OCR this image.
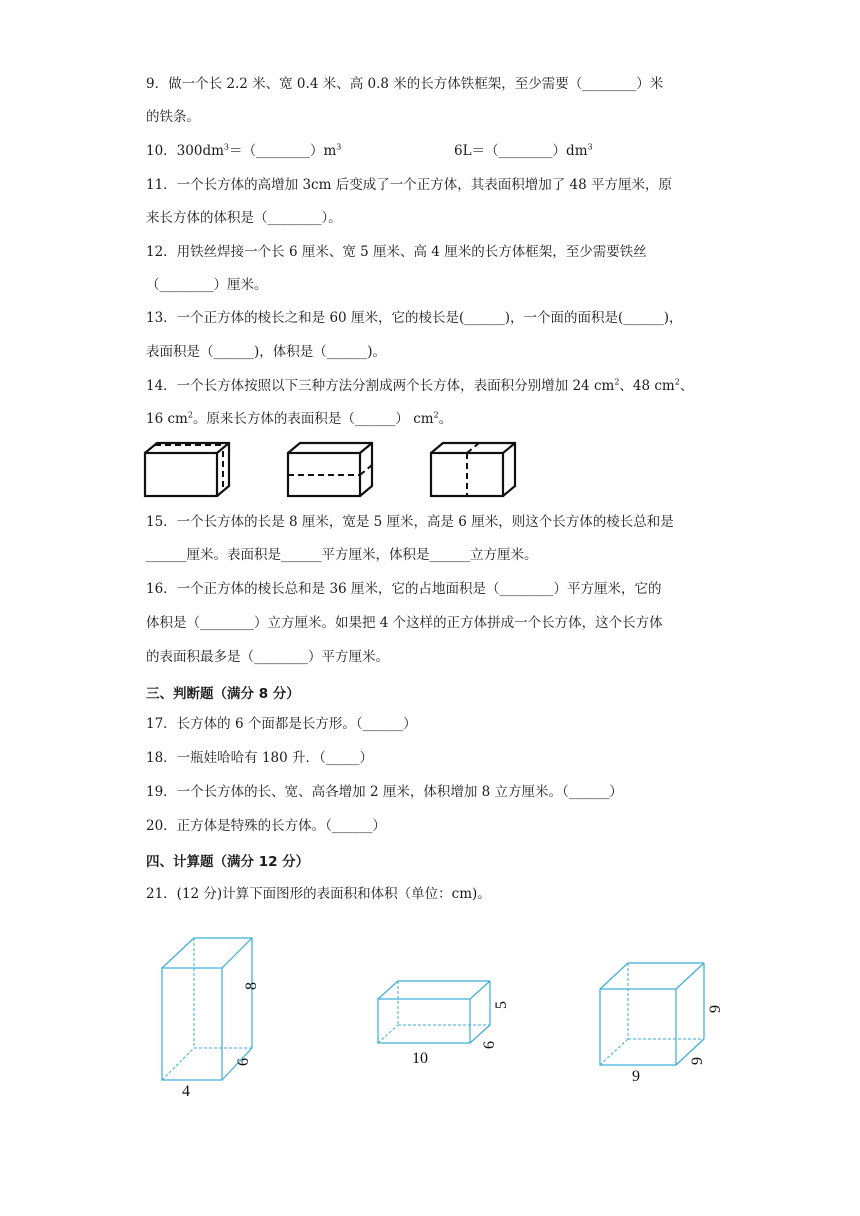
9．做一个长 2.2 米、宽 0.4 米、高 0.8 米的长方体铁框架，至少需要（________）米
的铁条。
10．$300dm^3=(\_\_\_\_\_\_\_\_)m^3$	$6L=(\_\_\_\_\_\_\_\_)dm^3$
11．一个长方体的高增加 3cm 后变成了一个正方体，其表面积增加了 48 平方厘米，原
来长方体的体积是（________）。
12．用铁丝焊接一个长 6 厘米、宽 5 厘米、高 4 厘米的长方体框架，至少需要铁丝
（________）厘米。
13．一个正方体的棱长之和是 60 厘米，它的棱长是(______)，一个面的面积是(______)，
表面积是（______)，体积是（______)。
14．一个长方体按照以下三种方法分割成两个长方体，表面积分别增加 24 $cm^2$、48 $cm^2$、
16 $cm^2$。原来长方体的表面积是（______） $cm^2$。
15．一个长方体的长是 8 厘米，宽是 5 厘米，高是 6 厘米，则这个长方体的棱长总和是
______厘米。表面积是______平方厘米，体积是______立方厘米。
16．一个正方体的棱长总和是 36 厘米，它的占地面积是（________）平方厘米，它的
体积是（________）立方厘米。如果把 4 个这样的正方体拼成一个长方体，这个长方体
的表面积最多是（________）平方厘米。
三、判断题（满分 8 分）
17．长方体的 6 个面都是长方形。（______）
18．一瓶娃哈哈有 180 升．（_____）
19．一个长方体的长、宽、高各增加 2 厘米，体积增加 8 立方厘米。（______）
20．正方体是特殊的长方体。（______）
四、计算题（满分 12 分）
21．(12 分)计算下面图形的表面积和体积（单位：cm)。
8
6
4
5
6
10
9
9
9
